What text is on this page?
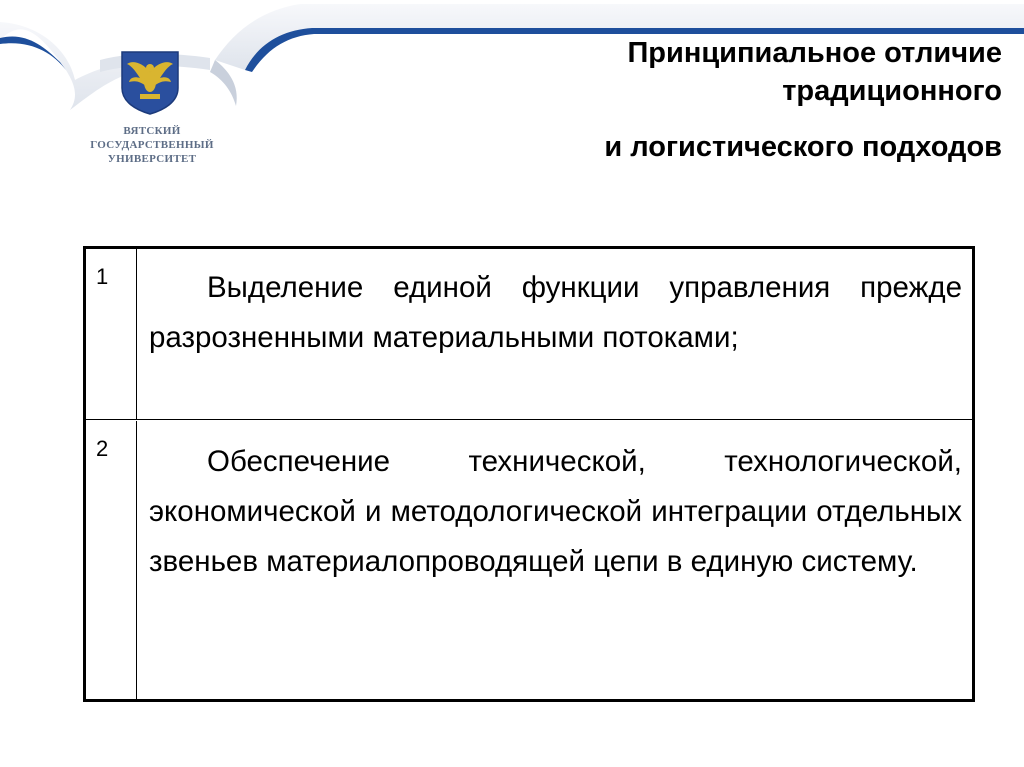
ВЯТСКИЙ
ГОСУДАРСТВЕННЫЙ
УНИВЕРСИТЕТ
Принципиальное отличие
традиционного
и логистического подходов
1	Выделение единой функции управления прежде разрозненными материальными потоками;
2	Обеспечение технической, технологической, экономической и методологической интеграции отдельных звеньев материалопроводящей цепи в единую систему.
